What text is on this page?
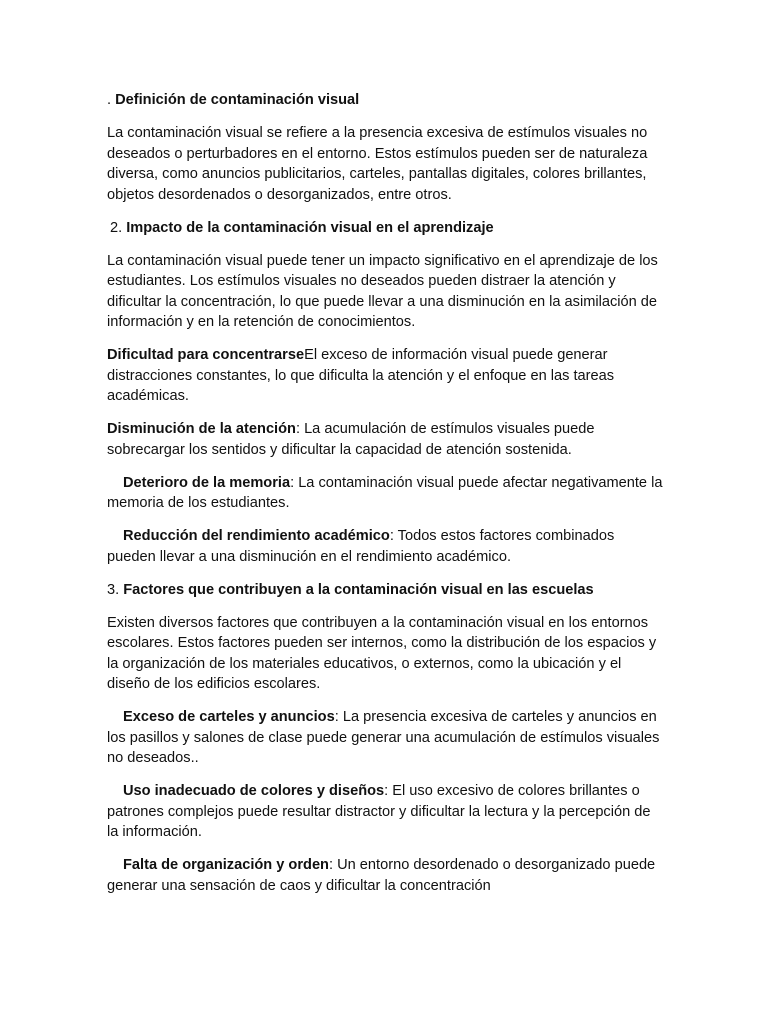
. Definición de contaminación visual

La contaminación visual se refiere a la presencia excesiva de estímulos visuales no deseados o perturbadores en el entorno. Estos estímulos pueden ser de naturaleza diversa, como anuncios publicitarios, carteles, pantallas digitales, colores brillantes, objetos desordenados o desorganizados, entre otros.

2. Impacto de la contaminación visual en el aprendizaje

La contaminación visual puede tener un impacto significativo en el aprendizaje de los estudiantes. Los estímulos visuales no deseados pueden distraer la atención y dificultar la concentración, lo que puede llevar a una disminución en la asimilación de información y en la retención de conocimientos.

Dificultad para concentrarseEl exceso de información visual puede generar distracciones constantes, lo que dificulta la atención y el enfoque en las tareas académicas.

Disminución de la atención: La acumulación de estímulos visuales puede sobrecargar los sentidos y dificultar la capacidad de atención sostenida.

Deterioro de la memoria: La contaminación visual puede afectar negativamente la memoria de los estudiantes.

Reducción del rendimiento académico: Todos estos factores combinados pueden llevar a una disminución en el rendimiento académico.

3. Factores que contribuyen a la contaminación visual en las escuelas

Existen diversos factores que contribuyen a la contaminación visual en los entornos escolares. Estos factores pueden ser internos, como la distribución de los espacios y la organización de los materiales educativos, o externos, como la ubicación y el diseño de los edificios escolares.

Exceso de carteles y anuncios: La presencia excesiva de carteles y anuncios en los pasillos y salones de clase puede generar una acumulación de estímulos visuales no deseados..

Uso inadecuado de colores y diseños: El uso excesivo de colores brillantes o patrones complejos puede resultar distractor y dificultar la lectura y la percepción de la información.

Falta de organización y orden: Un entorno desordenado o desorganizado puede generar una sensación de caos y dificultar la concentración
